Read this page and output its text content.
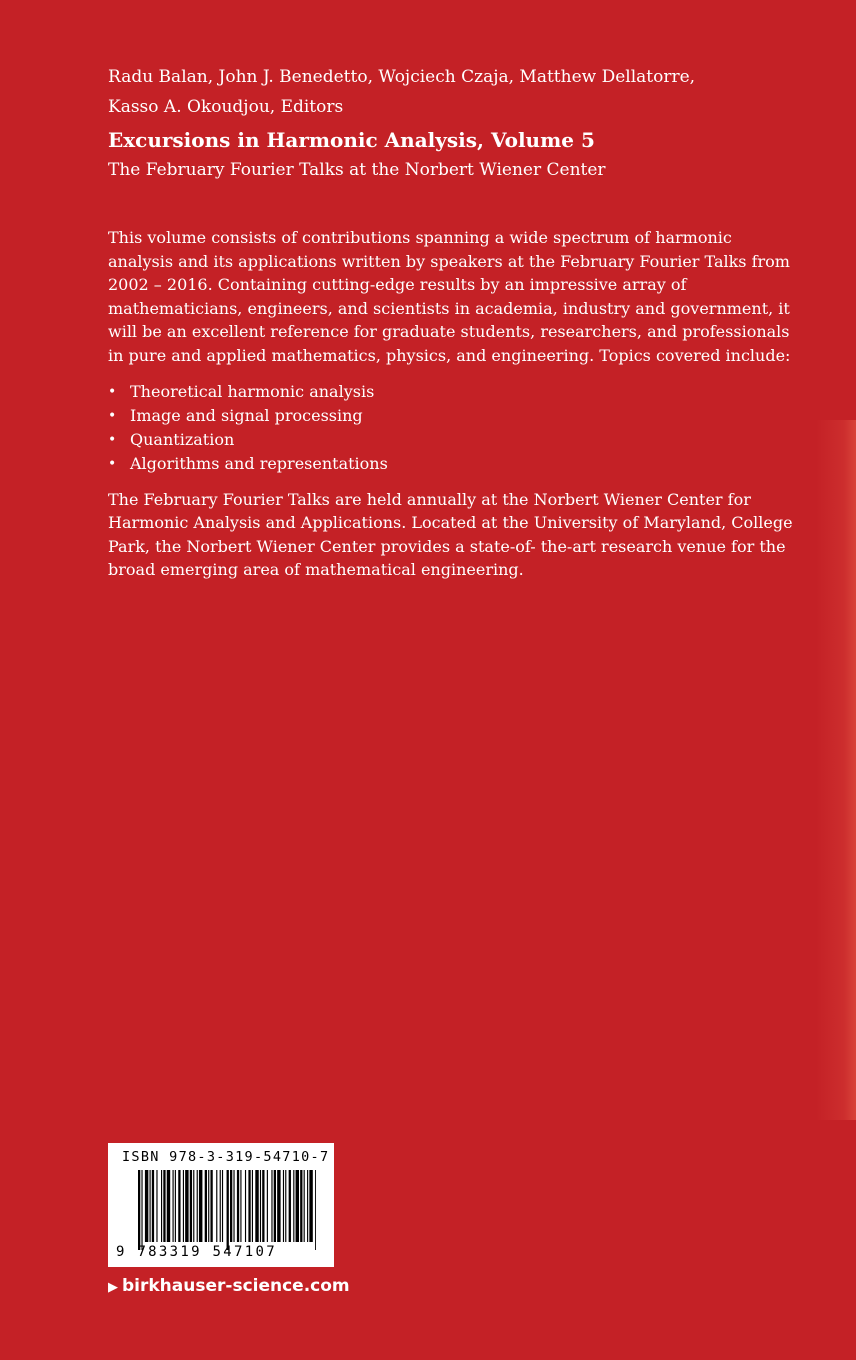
Radu Balan, John J. Benedetto, Wojciech Czaja, Matthew Dellatorre,
Kasso A. Okoudjou, Editors
Excursions in Harmonic Analysis, Volume 5
The February Fourier Talks at the Norbert Wiener Center

This volume consists of contributions spanning a wide spectrum of harmonic analysis and its applications written by speakers at the February Fourier Talks from 2002 – 2016. Containing cutting-edge results by an impressive array of mathematicians, engineers, and scientists in academia, industry and government, it will be an excellent reference for graduate students, researchers, and professionals in pure and applied mathematics, physics, and engineering. Topics covered include:

• Theoretical harmonic analysis
• Image and signal processing
• Quantization
• Algorithms and representations

The February Fourier Talks are held annually at the Norbert Wiener Center for Harmonic Analysis and Applications. Located at the University of Maryland, College Park, the Norbert Wiener Center provides a state-of- the-art research venue for the broad emerging area of mathematical engineering.

ISBN 978-3-319-54710-7
9 783319 547107
▶ birkhauser-science.com
